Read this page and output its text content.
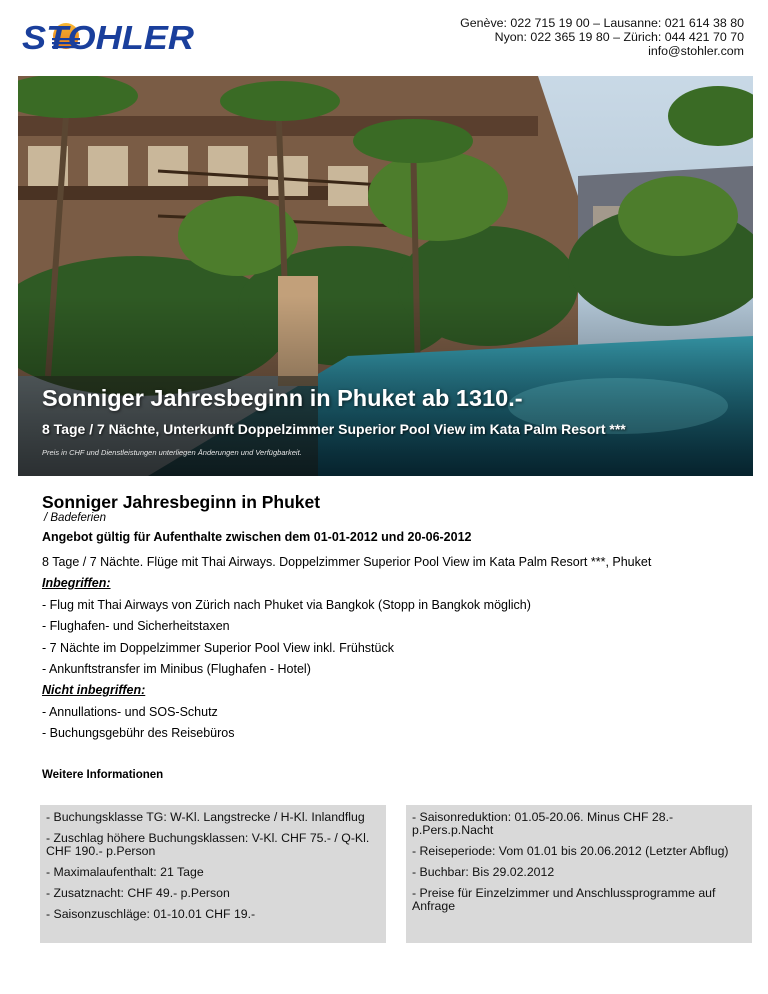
STOHLER	Genève: 022 715 19 00 – Lausanne: 021 614 38 80
Nyon: 022 365 19 80 – Zürich: 044 421 70 70
info@stohler.com
Sonniger Jahresbeginn in Phuket ab 1310.-
8 Tage / 7 Nächte, Unterkunft Doppelzimmer Superior Pool View im Kata Palm Resort ***
Preis in CHF und Dienstleistungen unterliegen Änderungen und Verfügbarkeit.
Sonniger Jahresbeginn in Phuket
/ Badeferien
Angebot gültig für Aufenthalte zwischen dem 01-01-2012 und 20-06-2012
8 Tage / 7 Nächte. Flüge mit Thai Airways. Doppelzimmer Superior Pool View im Kata Palm Resort ***, Phuket
Inbegriffen:
- Flug mit Thai Airways von Zürich nach Phuket via Bangkok (Stopp in Bangkok möglich)
- Flughafen- und Sicherheitstaxen
- 7 Nächte im Doppelzimmer Superior Pool View inkl. Frühstück
- Ankunftstransfer im Minibus (Flughafen - Hotel)
Nicht inbegriffen:
- Annullations- und SOS-Schutz
- Buchungsgebühr des Reisebüros
Weitere Informationen
- Buchungsklasse TG: W-Kl. Langstrecke / H-Kl. Inlandflug
- Zuschlag höhere Buchungsklassen: V-Kl. CHF 75.- / Q-Kl. CHF 190.- p.Person
- Maximalaufenthalt: 21 Tage
- Zusatznacht: CHF 49.- p.Person
- Saisonzuschläge: 01-10.01 CHF 19.-
- Saisonreduktion: 01.05-20.06. Minus CHF 28.- p.Pers.p.Nacht
- Reiseperiode: Vom 01.01 bis 20.06.2012 (Letzter Abflug)
- Buchbar: Bis 29.02.2012
- Preise für Einzelzimmer und Anschlussprogramme auf Anfrage
